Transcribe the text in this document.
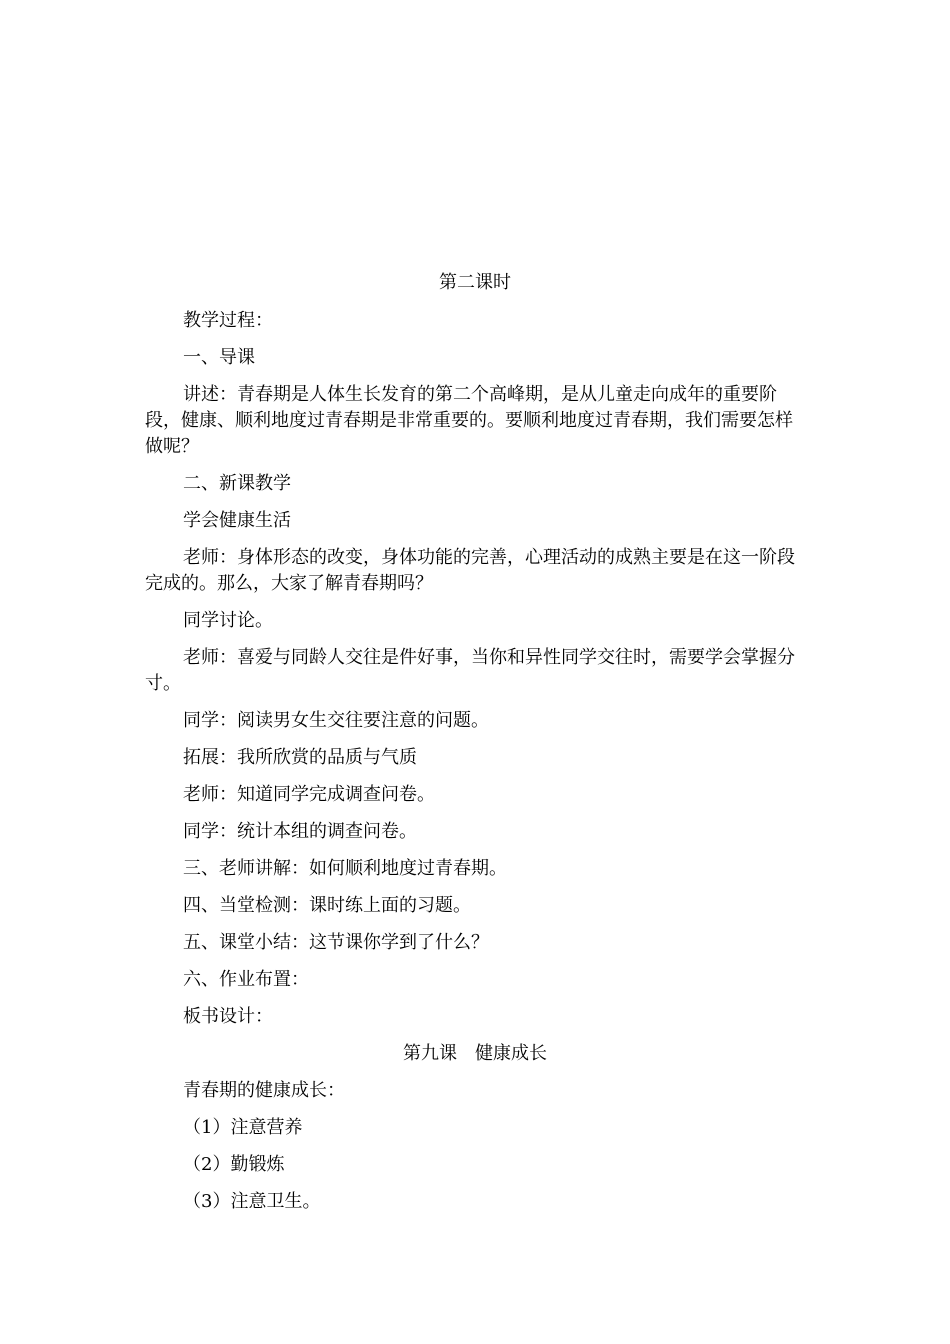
第二课时

教学过程：

一、导课

讲述：青春期是人体生长发育的第二个高峰期，是从儿童走向成年的重要阶段，健康、顺利地度过青春期是非常重要的。要顺利地度过青春期，我们需要怎样做呢？

二、新课教学

学会健康生活

老师：身体形态的改变，身体功能的完善，心理活动的成熟主要是在这一阶段完成的。那么，大家了解青春期吗？

同学讨论。

老师：喜爱与同龄人交往是件好事，当你和异性同学交往时，需要学会掌握分寸。

同学：阅读男女生交往要注意的问题。

拓展：我所欣赏的品质与气质

老师：知道同学完成调查问卷。

同学：统计本组的调查问卷。

三、老师讲解：如何顺利地度过青春期。

四、当堂检测：课时练上面的习题。

五、课堂小结：这节课你学到了什么？

六、作业布置：

板书设计：

第九课　健康成长

青春期的健康成长：

（1）注意营养

（2）勤锻炼

（3）注意卫生。
